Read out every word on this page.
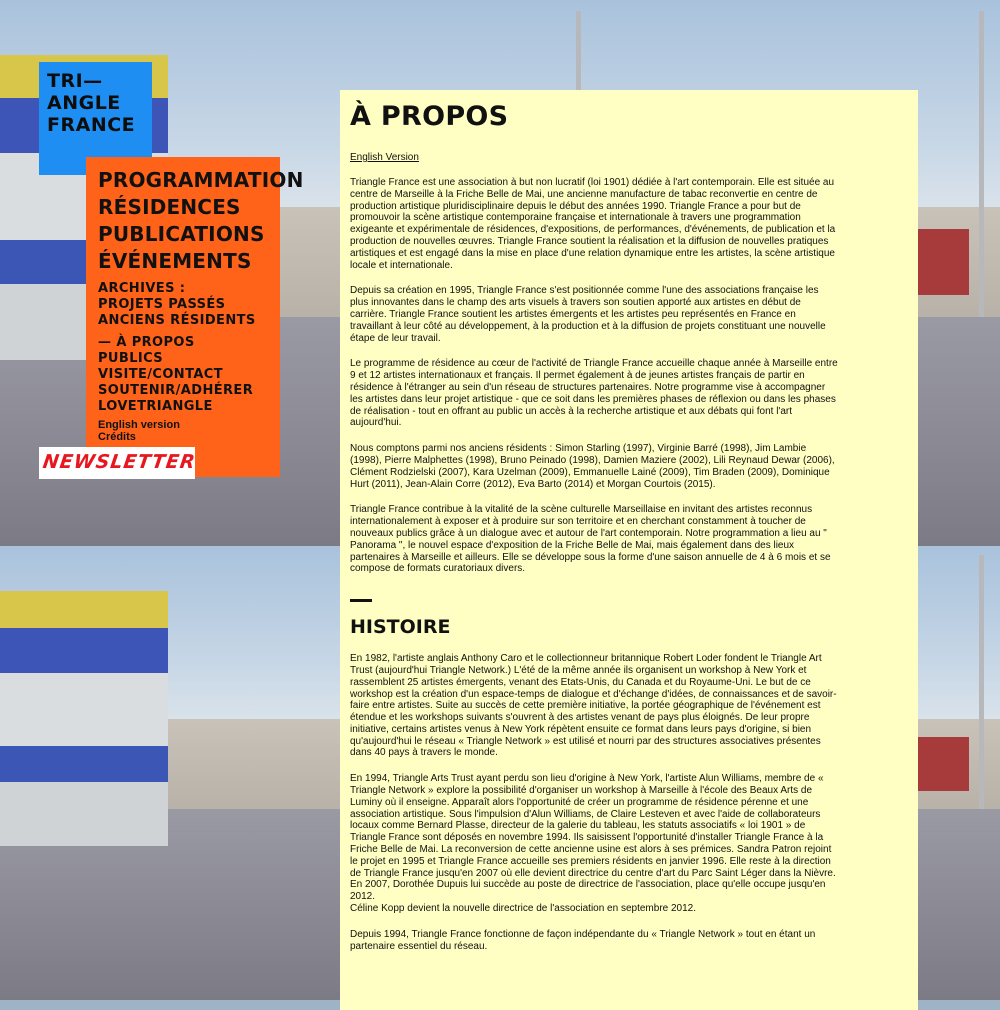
TRI—
ANGLE
FRANCE
PROGRAMMATION
RÉSIDENCES
PUBLICATIONS
ÉVÉNEMENTS
ARCHIVES :
PROJETS PASSÉS
ANCIENS RÉSIDENTS
— À PROPOS
PUBLICS
VISITE/CONTACT
SOUTENIR/ADHÉRER
LOVETRIANGLE
English version
Crédits
NEWSLETTER
À PROPOS
English Version

Triangle France est une association à but non lucratif (loi 1901) dédiée à l'art contemporain. Elle est située au centre de Marseille à la Friche Belle de Mai, une ancienne manufacture de tabac reconvertie en centre de production artistique pluridisciplinaire depuis le début des années 1990. Triangle France a pour but de promouvoir la scène artistique contemporaine française et internationale à travers une programmation exigeante et expérimentale de résidences, d'expositions, de performances, d'événements, de publication et la production de nouvelles œuvres. Triangle France soutient la réalisation et la diffusion de nouvelles pratiques artistiques et est engagé dans la mise en place d'une relation dynamique entre les artistes, la scène artistique locale et internationale.

Depuis sa création en 1995, Triangle France s'est positionnée comme l'une des associations française les plus innovantes dans le champ des arts visuels à travers son soutien apporté aux artistes en début de carrière. Triangle France soutient les artistes émergents et les artistes peu représentés en France en travaillant à leur côté au développement, à la production et à la diffusion de projets constituant une nouvelle étape de leur travail.

Le programme de résidence au cœur de l'activité de Triangle France accueille chaque année à Marseille entre 9 et 12 artistes internationaux et français. Il permet également à de jeunes artistes français de partir en résidence à l'étranger au sein d'un réseau de structures partenaires. Notre programme vise à accompagner les artistes dans leur projet artistique - que ce soit dans les premières phases de réflexion ou dans les phases de réalisation - tout en offrant au public un accès à la recherche artistique et aux débats qui font l'art aujourd'hui.

Nous comptons parmi nos anciens résidents : Simon Starling (1997), Virginie Barré (1998), Jim Lambie (1998), Pierre Malphettes (1998), Bruno Peinado (1998), Damien Maziere (2002), Lili Reynaud Dewar (2006), Clément Rodzielski (2007), Kara Uzelman (2009), Emmanuelle Lainé (2009), Tim Braden (2009), Dominique Hurt (2011), Jean-Alain Corre (2012), Eva Barto (2014) et Morgan Courtois (2015).

Triangle France contribue à la vitalité de la scène culturelle Marseillaise en invitant des artistes reconnus internationalement à exposer et à produire sur son territoire et en cherchant constamment à toucher de nouveaux publics grâce à un dialogue avec et autour de l'art contemporain. Notre programmation a lieu au " Panorama ", le nouvel espace d'exposition de la Friche Belle de Mai, mais également dans des lieux partenaires à Marseille et ailleurs. Elle se développe sous la forme d'une saison annuelle de 4 à 6 mois et se compose de formats curatoriaux divers.

HISTOIRE

En 1982, l'artiste anglais Anthony Caro et le collectionneur britannique Robert Loder fondent le Triangle Art Trust (aujourd'hui Triangle Network.) L'été de la même année ils organisent un workshop à New York et rassemblent 25 artistes émergents, venant des Etats-Unis, du Canada et du Royaume-Uni. Le but de ce workshop est la création d'un espace-temps de dialogue et d'échange d'idées, de connaissances et de savoir-faire entre artistes. Suite au succès de cette première initiative, la portée géographique de l'événement est étendue et les workshops suivants s'ouvrent à des artistes venant de pays plus éloignés. De leur propre initiative, certains artistes venus à New York répètent ensuite ce format dans leurs pays d'origine, si bien qu'aujourd'hui le réseau « Triangle Network » est utilisé et nourri par des structures associatives présentes dans 40 pays à travers le monde.

En 1994, Triangle Arts Trust ayant perdu son lieu d'origine à New York, l'artiste Alun Williams, membre de « Triangle Network » explore la possibilité d'organiser un workshop à Marseille à l'école des Beaux Arts de Luminy où il enseigne. Apparaît alors l'opportunité de créer un programme de résidence pérenne et une association artistique. Sous l'impulsion d'Alun Williams, de Claire Lesteven et avec l'aide de collaborateurs locaux comme Bernard Plasse, directeur de la galerie du tableau, les statuts associatifs « loi 1901 » de Triangle France sont déposés en novembre 1994. Ils saisissent l'opportunité d'installer Triangle France à la Friche Belle de Mai. La reconversion de cette ancienne usine est alors à ses prémices. Sandra Patron rejoint le projet en 1995 et Triangle France accueille ses premiers résidents en janvier 1996. Elle reste à la direction de Triangle France jusqu'en 2007 où elle devient directrice du centre d'art du Parc Saint Léger dans la Nièvre. En 2007, Dorothée Dupuis lui succède au poste de directrice de l'association, place qu'elle occupe jusqu'en 2012.

Céline Kopp devient la nouvelle directrice de l'association en septembre 2012.

Depuis 1994, Triangle France fonctionne de façon indépendante du « Triangle Network » tout en étant un partenaire essentiel du réseau.
